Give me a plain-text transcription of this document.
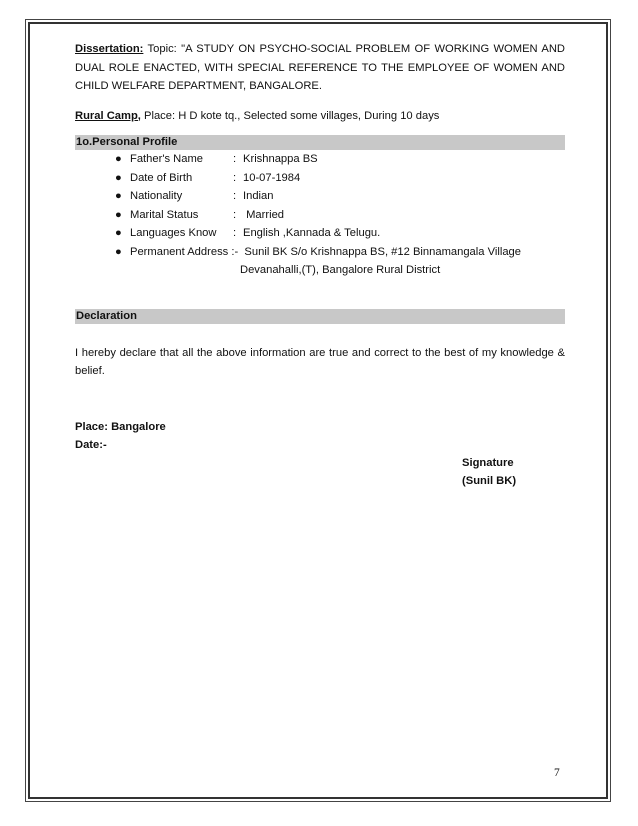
Dissertation: Topic: "A STUDY ON PSYCHO-SOCIAL PROBLEM OF WORKING WOMEN AND DUAL ROLE ENACTED, WITH SPECIAL REFERENCE TO THE EMPLOYEE OF WOMEN AND CHILD WELFARE DEPARTMENT, BANGALORE.

Rural Camp, Place: H D kote tq., Selected some villages, During 10 days

1o.Personal Profile
● Father's Name	: Krishnappa BS
● Date of Birth	: 10-07-1984
● Nationality	: Indian
● Marital Status	: Married
● Languages Know : English ,Kannada & Telugu.
● Permanent Address :- Sunil BK S/o Krishnappa BS, #12 Binnamangala Village

Devanahalli,(T), Bangalore Rural District

Declaration

I hereby declare that all the above information are true and correct to the best of my knowledge & belief.

Place: Bangalore

Date:-

Signature

(Sunil BK)

7
